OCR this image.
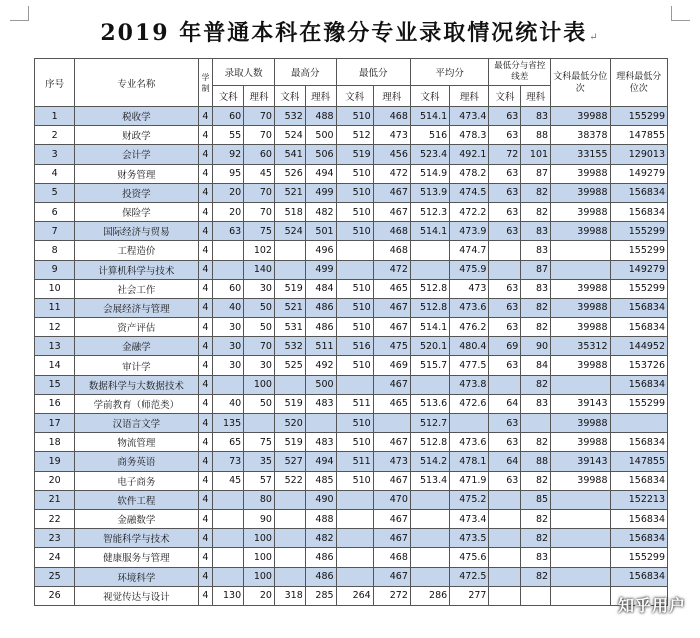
2019 年普通本科在豫分专业录取情况统计表 ↵
序号	专业名称	学制	录取人数		最高分		最低分		平均分		最低分与省控线差		文科最低分位次	理科最低分位次
			文科	理科	文科	理科	文科	理科	文科	理科	文科	理科		
1	税收学	4	60	70	532	488	510	468	514.1	473.4	63	83	39988	155299
2	财政学	4	55	70	524	500	512	473	516	478.3	63	88	38378	147855
3	会计学	4	92	60	541	506	519	456	523.4	492.1	72	101	33155	129013
4	财务管理	4	95	45	526	494	510	472	514.9	478.2	63	87	39988	149279
5	投资学	4	20	70	521	499	510	467	513.9	474.5	63	82	39988	156834
6	保险学	4	20	70	518	482	510	467	512.3	472.2	63	82	39988	156834
7	国际经济与贸易	4	63	75	524	501	510	468	514.1	473.9	63	83	39988	155299
8	工程造价	4		102		496		468		474.7		83		155299
9	计算机科学与技术	4		140		499		472		475.9		87		149279
10	社会工作	4	60	30	519	484	510	465	512.8	473	63	83	39988	155299
11	会展经济与管理	4	40	50	521	486	510	467	512.8	473.6	63	82	39988	156834
12	资产评估	4	30	50	531	486	510	467	514.1	476.2	63	82	39988	156834
13	金融学	4	30	70	532	511	516	475	520.1	480.4	69	90	35312	144952
14	审计学	4	30	30	525	492	510	469	515.7	477.5	63	84	39988	153726
15	数据科学与大数据技术	4		100		500		467		473.8		82		156834
16	学前教育（师范类）	4	40	50	519	483	511	465	513.6	472.6	64	83	39143	155299
17	汉语言文学	4	135		520		510		512.7		63		39988	
18	物流管理	4	65	75	519	483	510	467	512.8	473.6	63	82	39988	156834
19	商务英语	4	73	35	527	494	511	473	514.2	478.1	64	88	39143	147855
20	电子商务	4	45	57	522	485	510	467	513.4	471.9	63	82	39988	156834
21	软件工程	4		80		490		470		475.2		85		152213
22	金融数学	4		90		488		467		473.4		82		156834
23	智能科学与技术	4		100		482		467		473.5		82		156834
24	健康服务与管理	4		100		486		468		475.6		83		155299
25	环境科学	4		100		486		467		472.5		82		156834
26	视觉传达与设计	4	130	20	318	285	264	272	286	277				
知乎用户
